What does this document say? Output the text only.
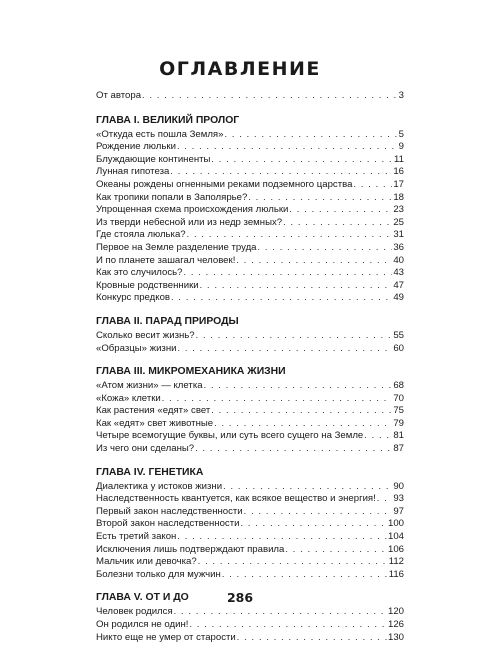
ОГЛАВЛЕНИЕ
От автора . . .	3
ГЛАВА I. ВЕЛИКИЙ ПРОЛОГ
«Откуда есть пошла Земля» . . .	5
Рождение люльки . . .	9
Блуждающие континенты . . .	11
Лунная гипотеза . . .	16
Океаны рождены огненными реками подземного царства . . .	17
Как тропики попали в Заполярье? . . .	18
Упрощенная схема происхождения люльки . . .	23
Из тверди небесной или из недр земных? . . .	25
Где стояла люлька? . . .	31
Первое на Земле разделение труда . . .	36
И по планете зашагал человек! . . .	40
Как это случилось? . . .	43
Кровные родственники . . .	47
Конкурс предков . . .	49
ГЛАВА II. ПАРАД ПРИРОДЫ
Сколько весит жизнь? . . .	55
«Образцы» жизни . . .	60
ГЛАВА III. МИКРОМЕХАНИКА ЖИЗНИ
«Атом жизни» — клетка . . .	68
«Кожа» клетки . . .	70
Как растения «едят» свет . . .	75
Как «едят» свет животные . . .	79
Четыре всемогущие буквы, или суть всего сущего на Земле . . .	81
Из чего они сделаны? . . .	87
ГЛАВА IV. ГЕНЕТИКА
Диалектика у истоков жизни . . .	90
Наследственность квантуется, как всякое вещество и энергия! . . . 93
Первый закон наследственности . . .	97
Второй закон наследственности . . .	100
Есть третий закон . . .	104
Исключения лишь подтверждают правила . . .	106
Мальчик или девочка? . . .	112
Болезни только для мужчин . . .	116
ГЛАВА V. ОТ И ДО
Человек родился . . .	120
Он родился не один! . . .	126
Никто еще не умер от старости . . .	130
286
